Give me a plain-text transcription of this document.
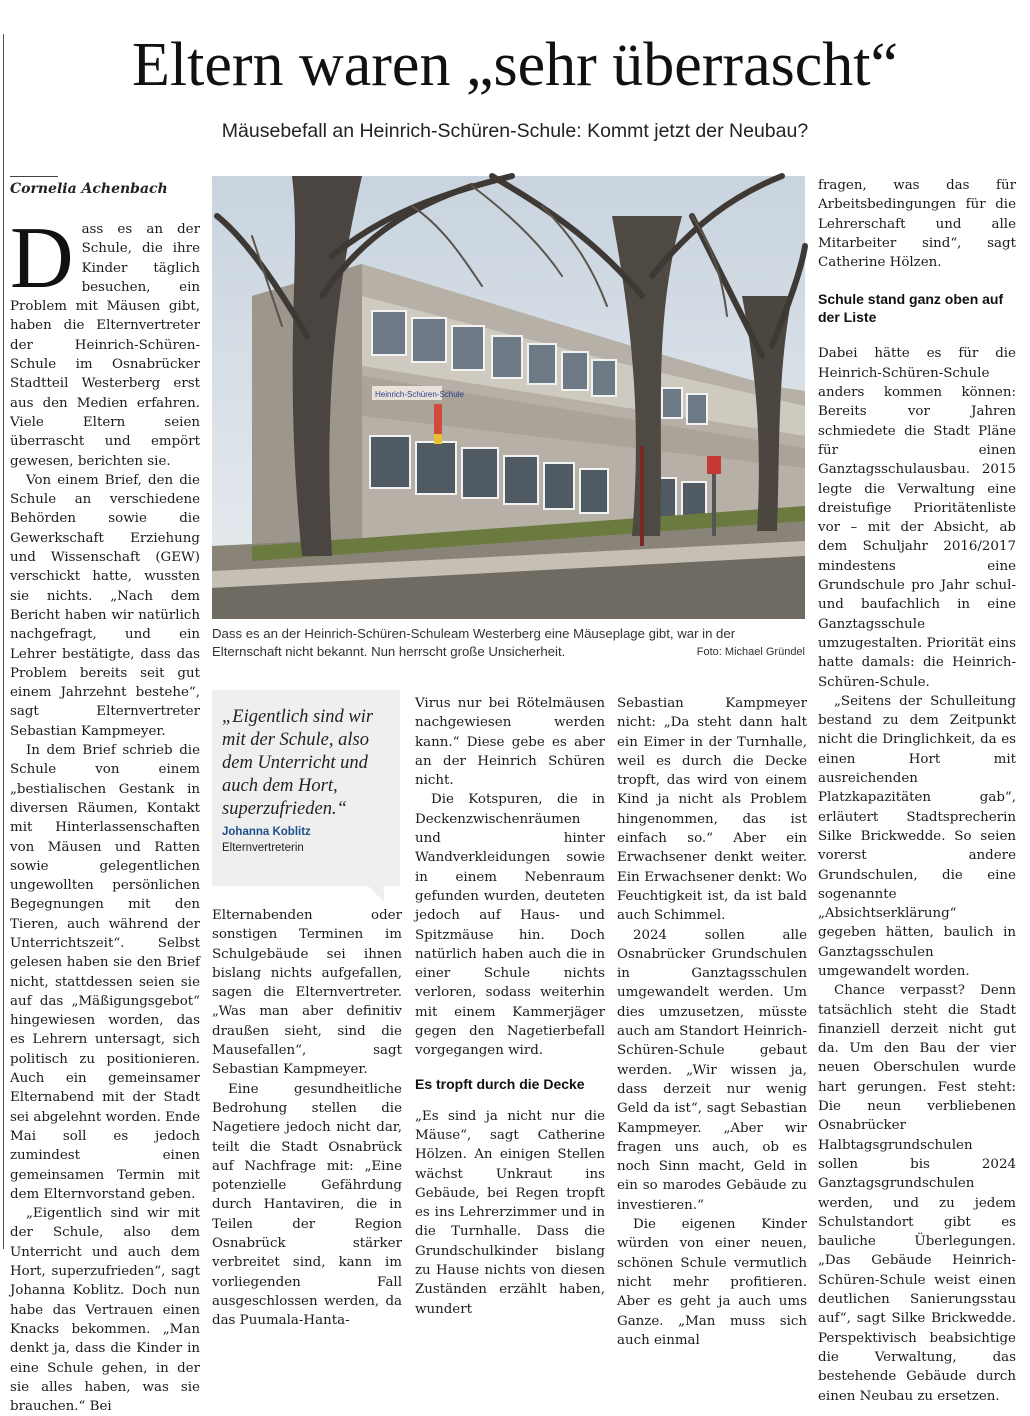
Eltern waren „sehr überrascht“
Mäusebefall an Heinrich-Schüren-Schule: Kommt jetzt der Neubau?
Cornelia Achenbach

Dass es an der Schule, die ihre Kinder täglich besuchen, ein Problem mit Mäusen gibt, haben die Elternvertreter der Heinrich-Schüren-Schule im Osnabrücker Stadtteil Westerberg erst aus den Medien erfahren. Viele Eltern seien überrascht und empört gewesen, berichten sie.

Von einem Brief, den die Schule an verschiedene Behörden sowie die Gewerkschaft Erziehung und Wissenschaft (GEW) verschickt hatte, wussten sie nichts. „Nach dem Bericht haben wir natürlich nachgefragt, und ein Lehrer bestätigte, dass das Problem bereits seit gut einem Jahrzehnt bestehe“, sagt Elternvertreter Sebastian Kampmeyer.

In dem Brief schrieb die Schule von einem „bestialischen Gestank in diversen Räumen, Kontakt mit Hinterlassenschaften von Mäusen und Ratten sowie gelegentlichen ungewollten persönlichen Begegnungen mit den Tieren, auch während der Unterrichtszeit“. Selbst gelesen haben sie den Brief nicht, stattdessen seien sie auf das „Mäßigungsgebot“ hingewiesen worden, das es Lehrern untersagt, sich politisch zu positionieren. Auch ein gemeinsamer Elternabend mit der Stadt sei abgelehnt worden. Ende Mai soll es jedoch zumindest einen gemeinsamen Termin mit dem Elternvorstand geben.

„Eigentlich sind wir mit der Schule, also dem Unterricht und auch dem Hort, superzufrieden“, sagt Johanna Koblitz. Doch nun habe das Vertrauen einen Knacks bekommen. „Man denkt ja, dass die Kinder in eine Schule gehen, in der sie alles haben, was sie brauchen.“ Bei

Heinrich-Schüren-Schule
Dass es an der Heinrich-Schüren-Schuleam Westerberg eine Mäuseplage gibt, war in der Elternschaft nicht bekannt. Nun herrscht große Unsicherheit.	Foto: Michael Gründel
„Eigentlich sind wir mit der Schule, also dem Unterricht und auch dem Hort, superzufrieden.“
Johanna Koblitz
Elternvertreterin

Elternabenden oder sonstigen Terminen im Schulgebäude sei ihnen bislang nichts aufgefallen, sagen die Elternvertreter. „Was man aber definitiv draußen sieht, sind die Mausefallen“, sagt Sebastian Kampmeyer.

Eine gesundheitliche Bedrohung stellen die Nagetiere jedoch nicht dar, teilt die Stadt Osnabrück auf Nachfrage mit: „Eine potenzielle Gefährdung durch Hantaviren, die in Teilen der Region Osnabrück stärker verbreitet sind, kann im vorliegenden Fall ausgeschlossen werden, da das Puumala-Hanta-

Virus nur bei Rötelmäusen nachgewiesen werden kann.“ Diese gebe es aber an der Heinrich Schüren nicht.

Die Kotspuren, die in Deckenzwischenräumen und hinter Wandverkleidungen sowie in einem Nebenraum gefunden wurden, deuteten jedoch auf Haus- und Spitzmäuse hin. Doch natürlich haben auch die in einer Schule nichts verloren, sodass weiterhin mit einem Kammerjäger gegen den Nagetierbefall vorgegangen wird.

Es tropft durch die Decke

„Es sind ja nicht nur die Mäuse“, sagt Catherine Hölzen. An einigen Stellen wächst Unkraut ins Gebäude, bei Regen tropft es ins Lehrerzimmer und in die Turnhalle. Dass die Grundschulkinder bislang zu Hause nichts von diesen Zuständen erzählt haben, wundert

Sebastian Kampmeyer nicht: „Da steht dann halt ein Eimer in der Turnhalle, weil es durch die Decke tropft, das wird von einem Kind ja nicht als Problem hingenommen, das ist einfach so.“ Aber ein Erwachsener denkt weiter. Ein Erwachsener denkt: Wo Feuchtigkeit ist, da ist bald auch Schimmel.

2024 sollen alle Osnabrücker Grundschulen in Ganztagsschulen umgewandelt werden. Um dies umzusetzen, müsste auch am Standort Heinrich-Schüren-Schule gebaut werden. „Wir wissen ja, dass derzeit nur wenig Geld da ist“, sagt Sebastian Kampmeyer. „Aber wir fragen uns auch, ob es noch Sinn macht, Geld in ein so marodes Gebäude zu investieren.“

Die eigenen Kinder würden von einer neuen, schönen Schule vermutlich nicht mehr profitieren. Aber es geht ja auch ums Ganze. „Man muss sich auch einmal

fragen, was das für Arbeitsbedingungen für die Lehrerschaft und alle Mitarbeiter sind“, sagt Catherine Hölzen.

Schule stand ganz oben auf der Liste

Dabei hätte es für die Heinrich-Schüren-Schule anders kommen können: Bereits vor Jahren schmiedete die Stadt Pläne für einen Ganztagsschulausbau. 2015 legte die Verwaltung eine dreistufige Prioritätenliste vor – mit der Absicht, ab dem Schuljahr 2016/2017 mindestens eine Grundschule pro Jahr schul- und baufachlich in eine Ganztagsschule umzugestalten. Priorität eins hatte damals: die Heinrich-Schüren-Schule.

„Seitens der Schulleitung bestand zu dem Zeitpunkt nicht die Dringlichkeit, da es einen Hort mit ausreichenden Platzkapazitäten gab“, erläutert Stadtsprecherin Silke Brickwedde. So seien vorerst andere Grundschulen, die eine sogenannte „Absichtserklärung“ gegeben hätten, baulich in Ganztagsschulen umgewandelt worden.

Chance verpasst? Denn tatsächlich steht die Stadt finanziell derzeit nicht gut da. Um den Bau der vier neuen Oberschulen wurde hart gerungen. Fest steht: Die neun verbliebenen Osnabrücker Halbtagsgrundschulen sollen bis 2024 Ganztagsgrundschulen werden, und zu jedem Schulstandort gibt es bauliche Überlegungen. „Das Gebäude Heinrich-Schüren-Schule weist einen deutlichen Sanierungsstau auf“, sagt Silke Brickwedde. Perspektivisch beabsichtige die Verwaltung, das bestehende Gebäude durch einen Neubau zu ersetzen.
